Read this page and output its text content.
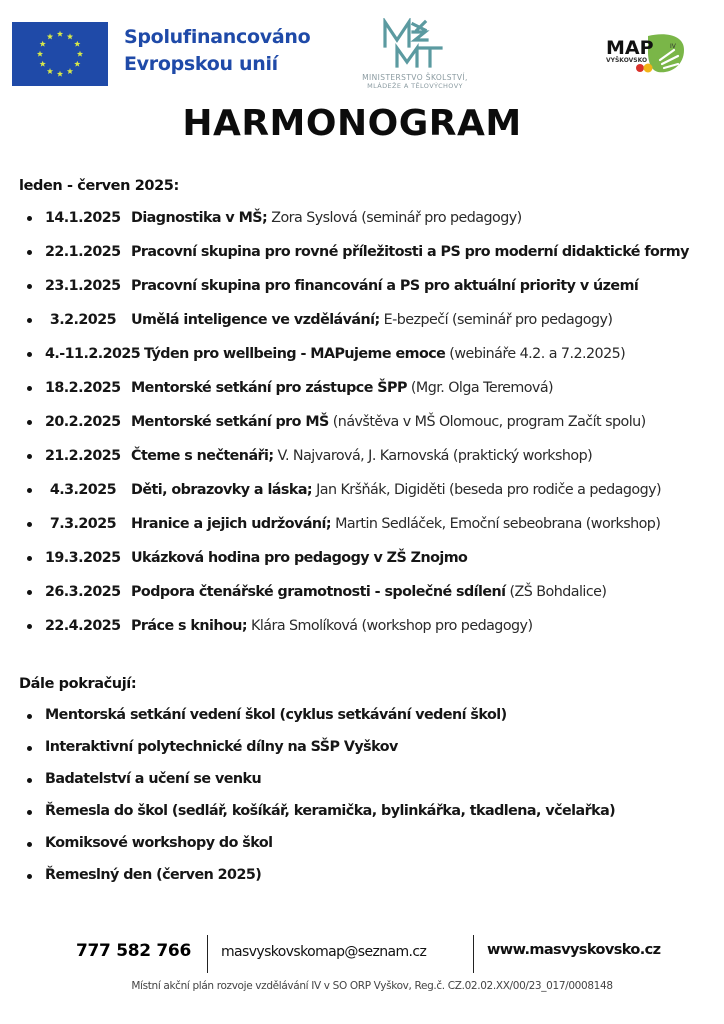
Spolufinancováno
Evropskou unií
MINISTERSTVO ŠKOLSTVÍ,
MLÁDEŽE A TĚLOVÝCHOVY
MAP	IV
VYŠKOVSKO
HARMONOGRAM
leden - červen 2025:
14.1.2025 Diagnostika v MŠ; Zora Syslová (seminář pro pedagogy)
22.1.2025 Pracovní skupina pro rovné příležitosti a PS pro moderní didaktické formy
23.1.2025 Pracovní skupina pro financování a PS pro aktuální priority v území
3.2.2025 Umělá inteligence ve vzdělávání; E-bezpečí (seminář pro pedagogy)
4.-11.2.2025 Týden pro wellbeing - MAPujeme emoce (webináře 4.2. a 7.2.2025)
18.2.2025 Mentorské setkání pro zástupce ŠPP (Mgr. Olga Teremová)
20.2.2025 Mentorské setkání pro MŠ (návštěva v MŠ Olomouc, program Začít spolu)
21.2.2025 Čteme s nečtenáři; V. Najvarová, J. Karnovská (praktický workshop)
4.3.2025 Děti, obrazovky a láska; Jan Kršňák, Digiděti (beseda pro rodiče a pedagogy)
7.3.2025 Hranice a jejich udržování; Martin Sedláček, Emoční sebeobrana (workshop)
19.3.2025 Ukázková hodina pro pedagogy v ZŠ Znojmo
26.3.2025 Podpora čtenářské gramotnosti - společné sdílení (ZŠ Bohdalice)
22.4.2025 Práce s knihou; Klára Smolíková (workshop pro pedagogy)
Dále pokračují:
Mentorská setkání vedení škol (cyklus setkávání vedení škol)
Interaktivní polytechnické dílny na SŠP Vyškov
Badatelství a učení se venku
Řemesla do škol (sedlář, košíkář, keramička, bylinkářka, tkadlena, včelařka)
Komiksové workshopy do škol
Řemeslný den (červen 2025)
777 582 766 masvyskovskomap@seznam.cz	www.masvyskovsko.cz
Místní akční plán rozvoje vzdělávání IV v SO ORP Vyškov, Reg.č. CZ.02.02.XX/00/23_017/0008148
